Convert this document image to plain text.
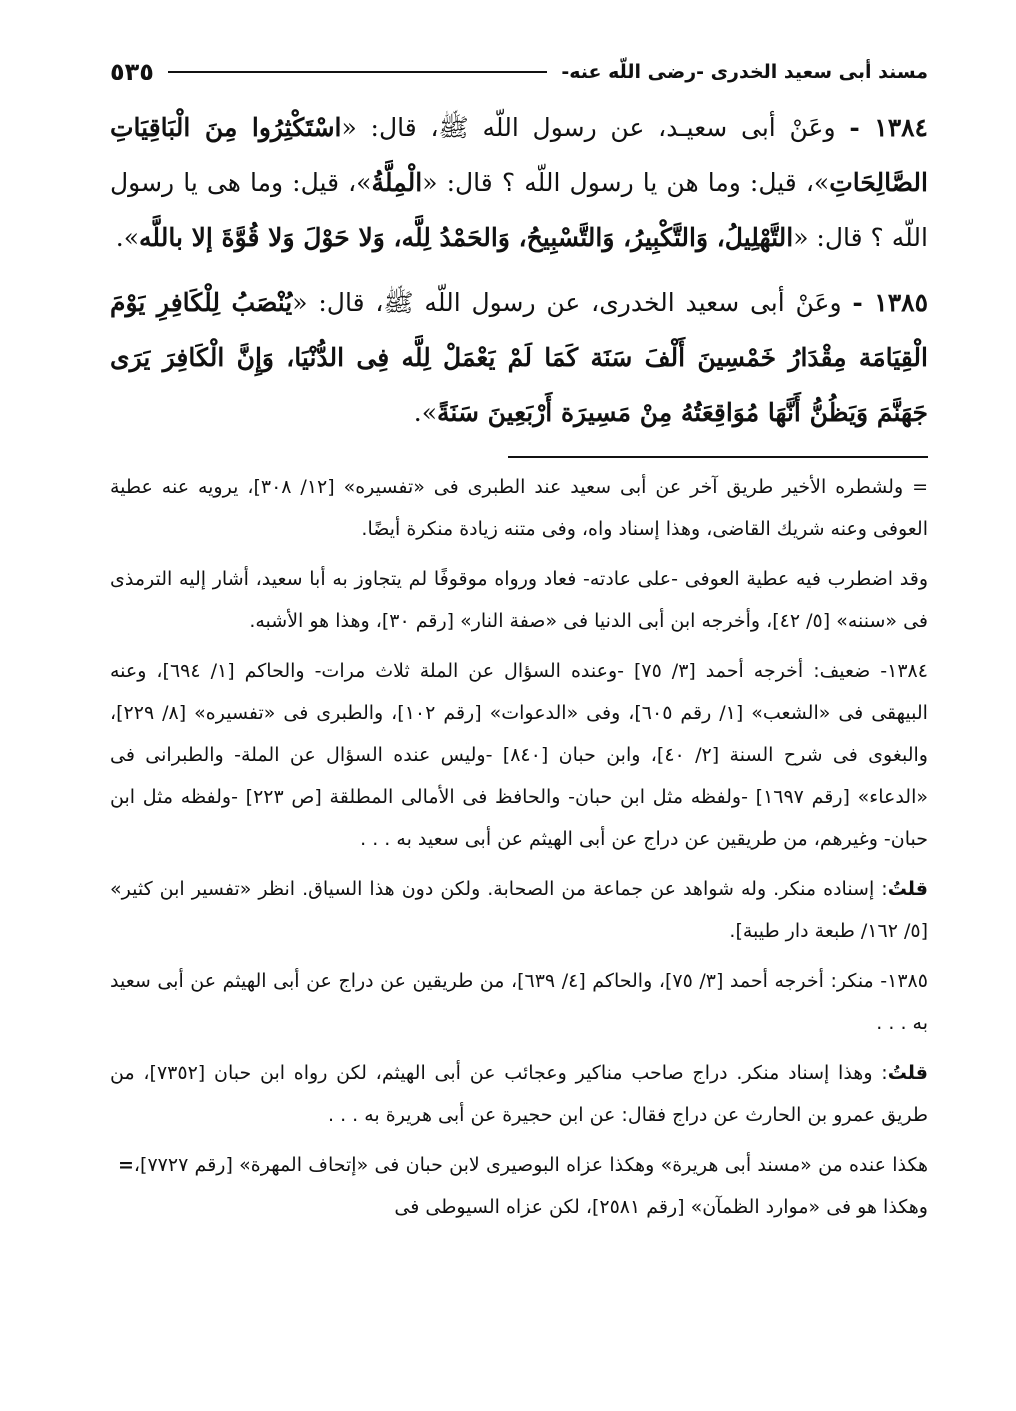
مسند أبى سعيد الخدرى -رضى اللّه عنه-
٥٣٥

١٣٨٤ - وعَنْ أبى سعيـد، عن رسول اللّه ﷺ، قال: «اسْتَكْثِرُوا مِنَ الْبَاقِيَاتِ الصَّالِحَاتِ»، قيل: وما هن يا رسول اللّه ؟ قال: «الْمِلَّةُ»، قيل: وما هى يا رسول اللّه ؟ قال: «التَّهْلِيلُ، وَالتَّكْبِيرُ، وَالتَّسْبِيحُ، وَالحَمْدُ لِلَّه، وَلا حَوْلَ وَلا قُوَّةَ إلا باللَّه».

١٣٨٥ - وعَنْ أبى سعيد الخدرى، عن رسول اللّه ﷺ، قال: «يُنْصَبُ لِلْكَافِرِ يَوْمَ الْقِيَامَة مِقْدَارُ خَمْسِينَ أَلْفَ سَنَة كَمَا لَمْ يَعْمَلْ لِلَّه فِى الدُّنْيَا، وَإِنَّ الْكَافِرَ يَرَى جَهَنَّمَ وَيَظُنُّ أَنَّهَا مُوَاقِعَتُهُ مِنْ مَسِيرَة أَرْبَعِينَ سَنَةً».

= ولشطره الأخير طريق آخر عن أبى سعيد عند الطبرى فى «تفسيره» [١٢/ ٣٠٨]، يرويه عنه عطية العوفى وعنه شريك القاضى، وهذا إسناد واه، وفى متنه زيادة منكرة أيضًا.

وقد اضطرب فيه عطية العوفى -على عادته- فعاد ورواه موقوفًا لم يتجاوز به أبا سعيد، أشار إليه الترمذى فى «سننه» [٥/ ٤٢]، وأخرجه ابن أبى الدنيا فى «صفة النار» [رقم ٣٠]، وهذا هو الأشبه.

١٣٨٤- ضعيف: أخرجه أحمد [٣/ ٧٥] -وعنده السؤال عن الملة ثلاث مرات- والحاكم [١/ ٦٩٤]، وعنه البيهقى فى «الشعب» [١/ رقم ٦٠٥]، وفى «الدعوات» [رقم ١٠٢]، والطبرى فى «تفسيره» [٨/ ٢٢٩]، والبغوى فى شرح السنة [٢/ ٤٠]، وابن حبان [٨٤٠] -وليس عنده السؤال عن الملة- والطبرانى فى «الدعاء» [رقم ١٦٩٧] -ولفظه مثل ابن حبان- والحافظ فى الأمالى المطلقة [ص ٢٢٣] -ولفظه مثل ابن حبان- وغيرهم، من طريقين عن دراج عن أبى الهيثم عن أبى سعيد به . . .

قلتُ: إسناده منكر. وله شواهد عن جماعة من الصحابة. ولكن دون هذا السياق. انظر «تفسير ابن كثير» [٥/ ١٦٢/ طبعة دار طيبة].

١٣٨٥- منكر: أخرجه أحمد [٣/ ٧٥]، والحاكم [٤/ ٦٣٩]، من طريقين عن دراج عن أبى الهيثم عن أبى سعيد به . . .

قلتُ: وهذا إسناد منكر. دراج صاحب مناكير وعجائب عن أبى الهيثم، لكن رواه ابن حبان [٧٣٥٢]، من طريق عمرو بن الحارث عن دراج فقال: عن ابن حجيرة عن أبى هريرة به . . .

= هكذا عنده من «مسند أبى هريرة» وهكذا عزاه البوصيرى لابن حبان فى «إتحاف المهرة» [رقم ٧٧٢٧]، وهكذا هو فى «موارد الظمآن» [رقم ٢٥٨١]، لكن عزاه السيوطى فى
